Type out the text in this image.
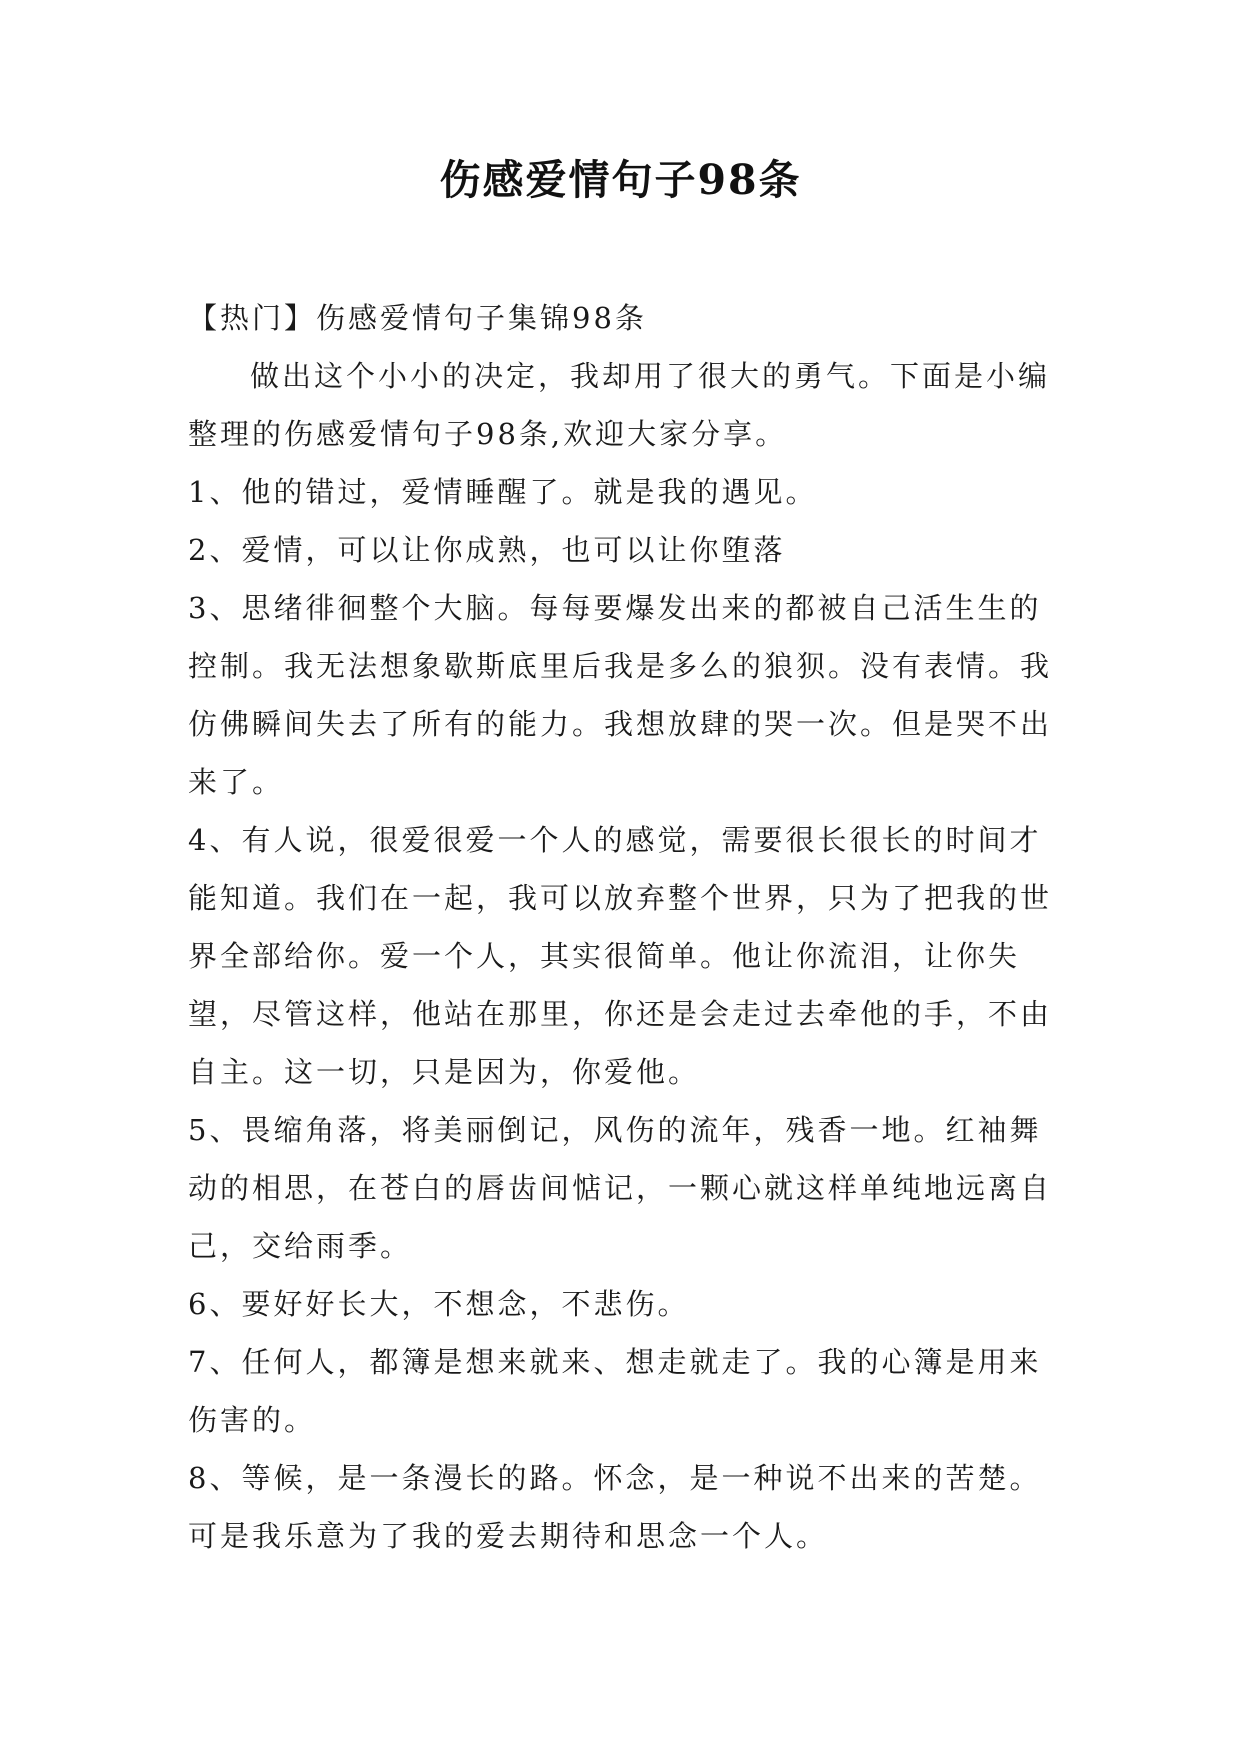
伤感爱情句子98条

【热门】伤感爱情句子集锦98条

做出这个小小的决定，我却用了很大的勇气。下面是小编整理的伤感爱情句子98条,欢迎大家分享。

1、他的错过，爱情睡醒了。就是我的遇见。

2、爱情，可以让你成熟，也可以让你堕落

3、思绪徘徊整个大脑。每每要爆发出来的都被自己活生生的控制。我无法想象歇斯底里后我是多么的狼狈。没有表情。我仿佛瞬间失去了所有的能力。我想放肆的哭一次。但是哭不出来了。

4、有人说，很爱很爱一个人的感觉，需要很长很长的时间才能知道。我们在一起，我可以放弃整个世界，只为了把我的世界全部给你。爱一个人，其实很简单。他让你流泪，让你失望，尽管这样，他站在那里，你还是会走过去牵他的手，不由自主。这一切，只是因为，你爱他。

5、畏缩角落，将美丽倒记，风伤的流年，残香一地。红袖舞动的相思，在苍白的唇齿间惦记，一颗心就这样单纯地远离自己，交给雨季。

6、要好好长大，不想念，不悲伤。

7、任何人，都簿是想来就来、想走就走了。我的心簿是用来伤害的。

8、等候，是一条漫长的路。怀念，是一种说不出来的苦楚。可是我乐意为了我的爱去期待和思念一个人。
